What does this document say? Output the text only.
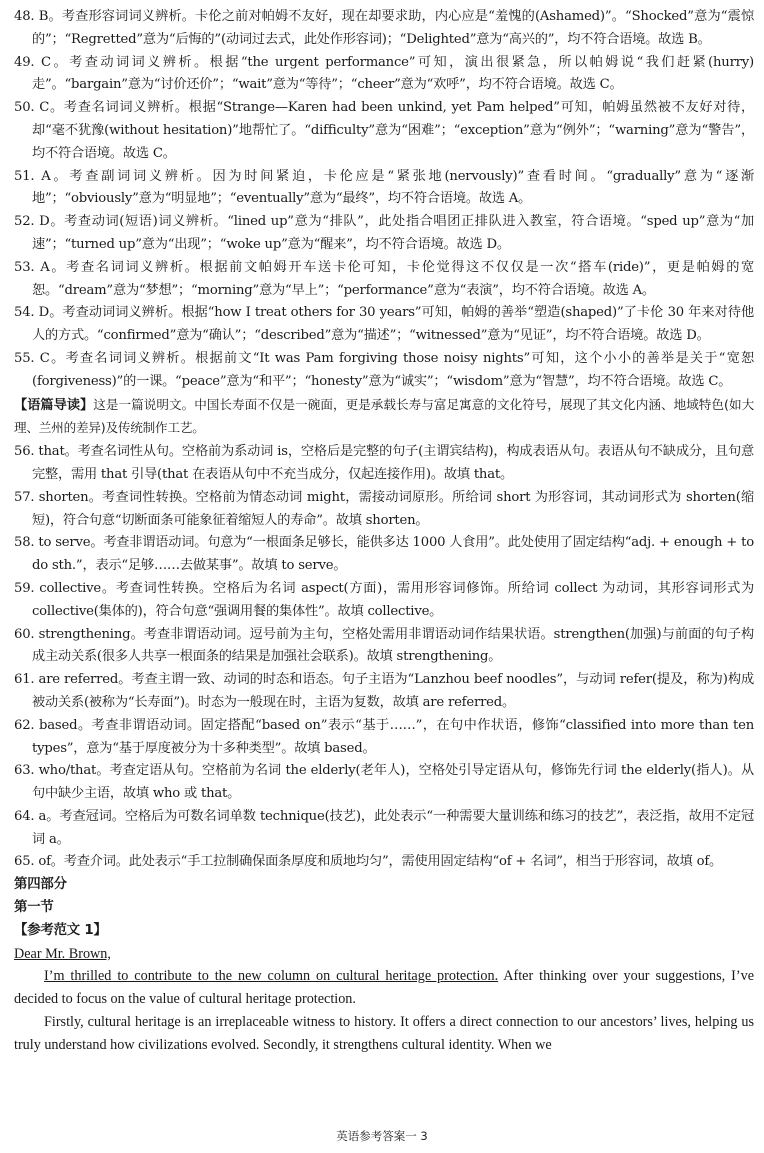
48. B。考查形容词词义辨析。卡伦之前对帕姆不友好，现在却要求助，内心应是“羞愧的(Ashamed)”。“Shocked”意为“震惊的”；“Regretted”意为“后悔的”(动词过去式，此处作形容词)；“Delighted”意为“高兴的”，均不符合语境。故选 B。
49. C。考查动词词义辨析。根据“the urgent performance”可知，演出很紧急，所以帕姆说“我们赶紧(hurry)走”。“bargain”意为“讨价还价”；“wait”意为“等待”；“cheer”意为“欢呼”，均不符合语境。故选 C。
50. C。考查名词词义辨析。根据“Strange—Karen had been unkind, yet Pam helped”可知，帕姆虽然被不友好对待，却“毫不犹豫(without hesitation)”地帮忙了。“difficulty”意为“困难”；“exception”意为“例外”；“warning”意为“警告”，均不符合语境。故选 C。
51. A。考查副词词义辨析。因为时间紧迫，卡伦应是“紧张地(nervously)”查看时间。“gradually”意为“逐渐地”；“obviously”意为“明显地”；“eventually”意为“最终”，均不符合语境。故选 A。
52. D。考查动词(短语)词义辨析。“lined up”意为“排队”，此处指合唱团正排队进入教室，符合语境。“sped up”意为“加速”；“turned up”意为“出现”；“woke up”意为“醒来”，均不符合语境。故选 D。
53. A。考查名词词义辨析。根据前文帕姆开车送卡伦可知，卡伦觉得这不仅仅是一次“搭车(ride)”，更是帕姆的宽恕。“dream”意为“梦想”；“morning”意为“早上”；“performance”意为“表演”，均不符合语境。故选 A。
54. D。考查动词词义辨析。根据“how I treat others for 30 years”可知，帕姆的善举“塑造(shaped)”了卡伦 30 年来对待他人的方式。“confirmed”意为“确认”；“described”意为“描述”；“witnessed”意为“见证”，均不符合语境。故选 D。
55. C。考查名词词义辨析。根据前文“It was Pam forgiving those noisy nights”可知，这个小小的善举是关于“宽恕(forgiveness)”的一课。“peace”意为“和平”；“honesty”意为“诚实”；“wisdom”意为“智慧”，均不符合语境。故选 C。
【语篇导读】这是一篇说明文。中国长寿面不仅是一碗面，更是承载长寿与富足寓意的文化符号，展现了其文化内涵、地域特色(如大理、兰州的差异)及传统制作工艺。
56. that。考查名词性从句。空格前为系动词 is，空格后是完整的句子(主谓宾结构)，构成表语从句。表语从句不缺成分，且句意完整，需用 that 引导(that 在表语从句中不充当成分，仅起连接作用)。故填 that。
57. shorten。考查词性转换。空格前为情态动词 might，需接动词原形。所给词 short 为形容词，其动词形式为 shorten(缩短)，符合句意“切断面条可能象征着缩短人的寿命”。故填 shorten。
58. to serve。考查非谓语动词。句意为“一根面条足够长，能供多达 1000 人食用”。此处使用了固定结构“adj. + enough + to do sth.”，表示“足够……去做某事”。故填 to serve。
59. collective。考查词性转换。空格后为名词 aspect(方面)，需用形容词修饰。所给词 collect 为动词，其形容词形式为 collective(集体的)，符合句意“强调用餐的集体性”。故填 collective。
60. strengthening。考查非谓语动词。逗号前为主句，空格处需用非谓语动词作结果状语。strengthen(加强)与前面的句子构成主动关系(很多人共享一根面条的结果是加强社会联系)。故填 strengthening。
61. are referred。考查主谓一致、动词的时态和语态。句子主语为“Lanzhou beef noodles”，与动词 refer(提及，称为)构成被动关系(被称为“长寿面”)。时态为一般现在时，主语为复数，故填 are referred。
62. based。考查非谓语动词。固定搭配“based on”表示“基于……”，在句中作状语，修饰“classified into more than ten types”，意为“基于厚度被分为十多种类型”。故填 based。
63. who/that。考查定语从句。空格前为名词 the elderly(老年人)，空格处引导定语从句，修饰先行词 the elderly(指人)。从句中缺少主语，故填 who 或 that。
64. a。考查冠词。空格后为可数名词单数 technique(技艺)，此处表示“一种需要大量训练和练习的技艺”，表泛指，故用不定冠词 a。
65. of。考查介词。此处表示“手工拉制确保面条厚度和质地均匀”，需使用固定结构“of + 名词”，相当于形容词，故填 of。
第四部分
第一节
【参考范文 1】
Dear Mr. Brown,

I’m thrilled to contribute to the new column on cultural heritage protection. After thinking over your suggestions, I’ve decided to focus on the value of cultural heritage protection.

Firstly, cultural heritage is an irreplaceable witness to history. It offers a direct connection to our ancestors’ lives, helping us truly understand how civilizations evolved. Secondly, it strengthens cultural identity. When we

英语参考答案一 3
